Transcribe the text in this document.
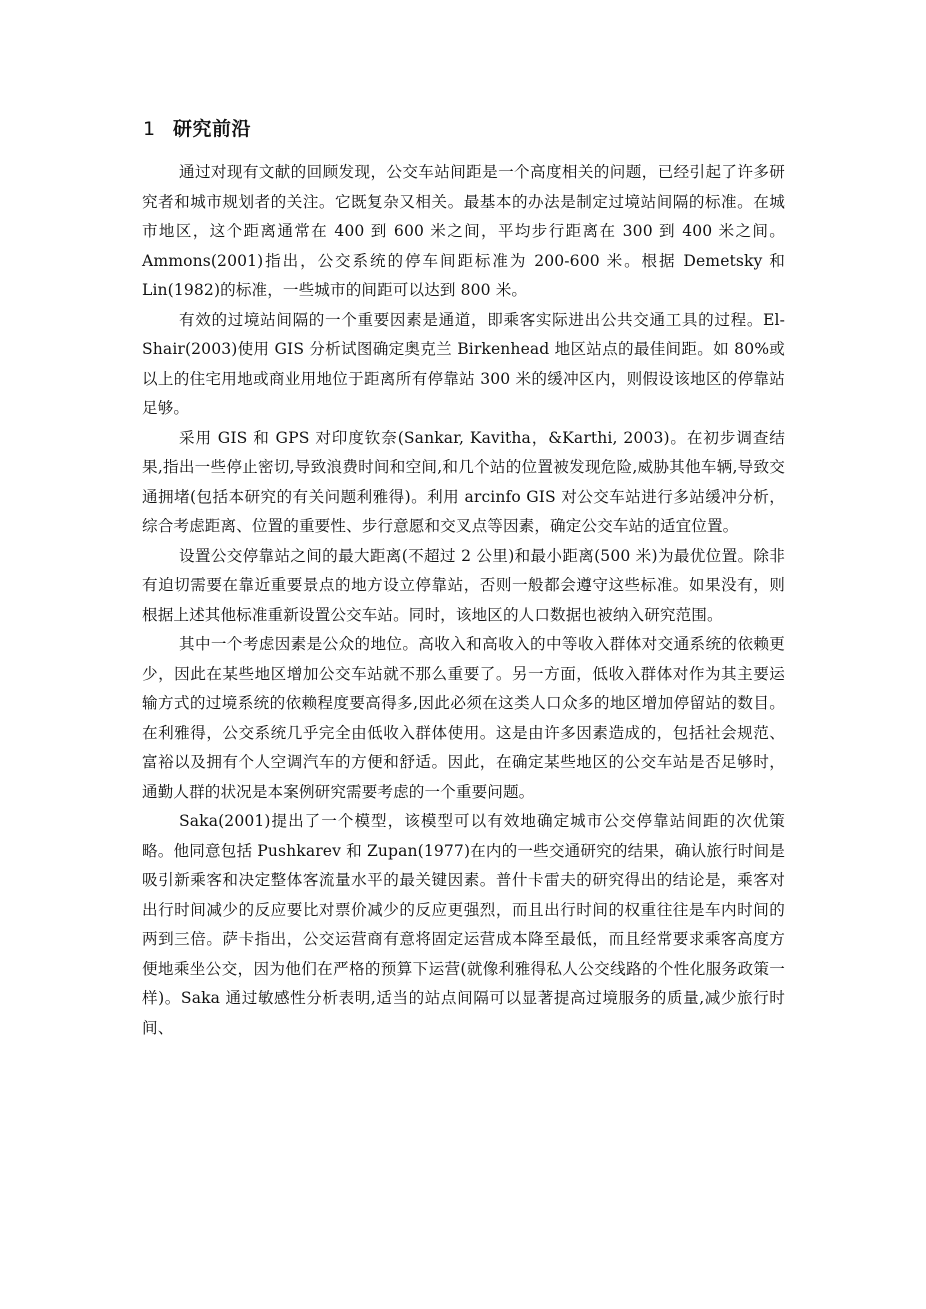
1 研究前沿

通过对现有文献的回顾发现，公交车站间距是一个高度相关的问题，已经引起了许多研究者和城市规划者的关注。它既复杂又相关。最基本的办法是制定过境站间隔的标准。在城市地区，这个距离通常在 400 到 600 米之间，平均步行距离在 300 到 400 米之间。Ammons(2001)指出，公交系统的停车间距标准为 200-600 米。根据 Demetsky 和 Lin(1982)的标准，一些城市的间距可以达到 800 米。

有效的过境站间隔的一个重要因素是通道，即乘客实际进出公共交通工具的过程。El-Shair(2003)使用 GIS 分析试图确定奥克兰 Birkenhead 地区站点的最佳间距。如 80%或以上的住宅用地或商业用地位于距离所有停靠站 300 米的缓冲区内，则假设该地区的停靠站足够。

采用 GIS 和 GPS 对印度钦奈(Sankar, Kavitha，&Karthi, 2003)。在初步调查结果,指出一些停止密切,导致浪费时间和空间,和几个站的位置被发现危险,威胁其他车辆,导致交通拥堵(包括本研究的有关问题利雅得)。利用 arcinfo GIS 对公交车站进行多站缓冲分析，综合考虑距离、位置的重要性、步行意愿和交叉点等因素，确定公交车站的适宜位置。

设置公交停靠站之间的最大距离(不超过 2 公里)和最小距离(500 米)为最优位置。除非有迫切需要在靠近重要景点的地方设立停靠站，否则一般都会遵守这些标准。如果没有，则根据上述其他标准重新设置公交车站。同时，该地区的人口数据也被纳入研究范围。

其中一个考虑因素是公众的地位。高收入和高收入的中等收入群体对交通系统的依赖更少，因此在某些地区增加公交车站就不那么重要了。另一方面，低收入群体对作为其主要运输方式的过境系统的依赖程度要高得多,因此必须在这类人口众多的地区增加停留站的数目。在利雅得，公交系统几乎完全由低收入群体使用。这是由许多因素造成的，包括社会规范、富裕以及拥有个人空调汽车的方便和舒适。因此，在确定某些地区的公交车站是否足够时，通勤人群的状况是本案例研究需要考虑的一个重要问题。

Saka(2001)提出了一个模型，该模型可以有效地确定城市公交停靠站间距的次优策略。他同意包括 Pushkarev 和 Zupan(1977)在内的一些交通研究的结果，确认旅行时间是吸引新乘客和决定整体客流量水平的最关键因素。普什卡雷夫的研究得出的结论是，乘客对出行时间减少的反应要比对票价减少的反应更强烈，而且出行时间的权重往往是车内时间的两到三倍。萨卡指出，公交运营商有意将固定运营成本降至最低，而且经常要求乘客高度方便地乘坐公交，因为他们在严格的预算下运营(就像利雅得私人公交线路的个性化服务政策一样)。Saka 通过敏感性分析表明,适当的站点间隔可以显著提高过境服务的质量,减少旅行时间、
